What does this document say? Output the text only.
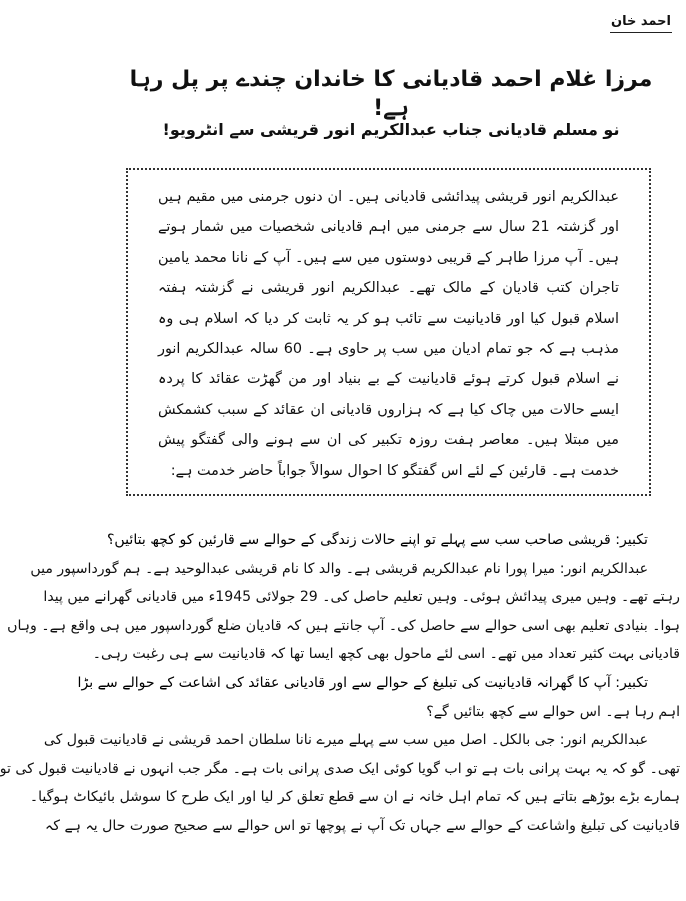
احمد خان
مرزا غلام احمد قادیانی کا خاندان چندے پر پل رہا ہے!
نو مسلم قادیانی جناب عبدالکریم انور قریشی سے انٹرویو!

عبدالکریم انور قریشی پیدائشی قادیانی ہیں۔ ان دنوں جرمنی میں مقیم ہیں اور گزشتہ 21 سال سے جرمنی میں اہم قادیانی شخصیات میں شمار ہوتے ہیں۔ آپ مرزا طاہر کے قریبی دوستوں میں سے ہیں۔ آپ کے نانا محمد یامین تاجران کتب قادیان کے مالک تھے۔ عبدالکریم انور قریشی نے گزشتہ ہفتہ اسلام قبول کیا اور قادیانیت سے تائب ہو کر یہ ثابت کر دیا کہ اسلام ہی وہ مذہب ہے کہ جو تمام ادیان میں سب پر حاوی ہے۔ 60 سالہ عبدالکریم انور نے اسلام قبول کرتے ہوئے قادیانیت کے بے بنیاد اور من گھڑت عقائد کا پردہ ایسے حالات میں چاک کیا ہے کہ ہزاروں قادیانی ان عقائد کے سبب کشمکش میں مبتلا ہیں۔ معاصر ہفت روزہ تکبیر کی ان سے ہونے والی گفتگو پیش خدمت ہے۔ قارئین کے لئے اس گفتگو کا احوال سوالاً جواباً حاضر خدمت ہے:

تکبیر: قریشی صاحب سب سے پہلے تو اپنے حالات زندگی کے حوالے سے قارئین کو کچھ بتائیں؟
عبدالکریم انور: میرا پورا نام عبدالکریم قریشی ہے۔ والد کا نام قریشی عبدالوحید ہے۔ ہم گورداسپور میں
رہتے تھے۔ وہیں میری پیدائش ہوئی۔ وہیں تعلیم حاصل کی۔ 29 جولائی 1945ء میں قادیانی گھرانے میں پیدا
ہوا۔ بنیادی تعلیم بھی اسی حوالے سے حاصل کی۔ آپ جانتے ہیں کہ قادیان ضلع گورداسپور میں ہی واقع ہے۔ وہاں
قادیانی بہت کثیر تعداد میں تھے۔ اسی لئے ماحول بھی کچھ ایسا تھا کہ قادیانیت سے ہی رغبت رہی۔
تکبیر: آپ کا گھرانہ قادیانیت کی تبلیغ کے حوالے سے اور قادیانی عقائد کی اشاعت کے حوالے سے بڑا
اہم رہا ہے۔ اس حوالے سے کچھ بتائیں گے؟
عبدالکریم انور: جی بالکل۔ اصل میں سب سے پہلے میرے نانا سلطان احمد قریشی نے قادیانیت قبول کی
تھی۔ گو کہ یہ بہت پرانی بات ہے تو اب گویا کوئی ایک صدی پرانی بات ہے۔ مگر جب انہوں نے قادیانیت قبول کی تو
ہمارے بڑے بوڑھے بتاتے ہیں کہ تمام اہل خانہ نے ان سے قطع تعلق کر لیا اور ایک طرح کا سوشل بائیکاٹ ہوگیا۔
قادیانیت کی تبلیغ واشاعت کے حوالے سے جہاں تک آپ نے پوچھا تو اس حوالے سے صحیح صورت حال یہ ہے کہ
